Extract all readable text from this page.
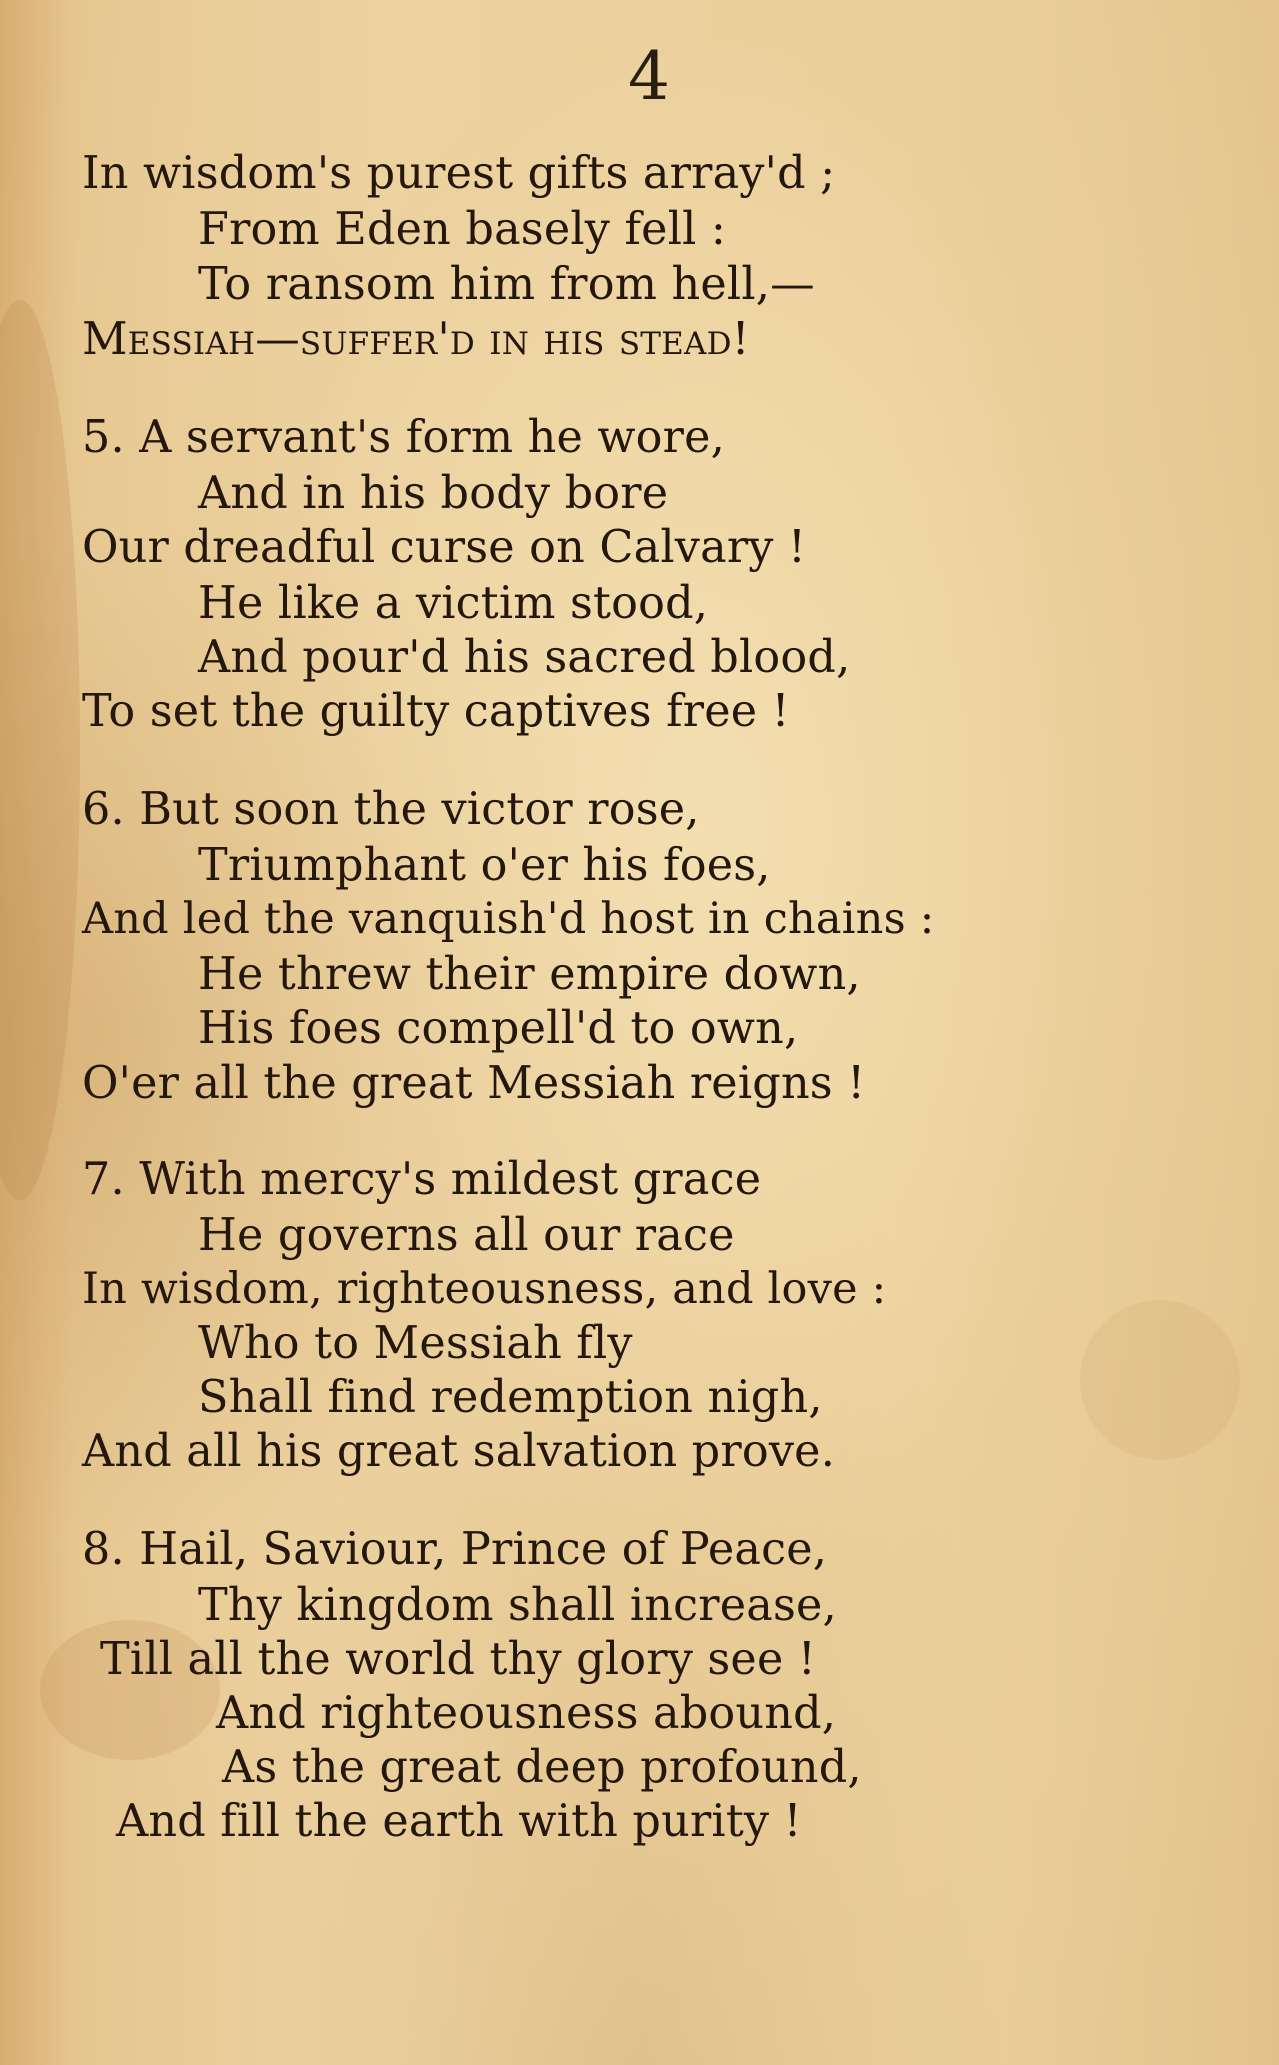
4
In wisdom's purest gifts array'd ;
From Eden basely fell :
To ransom him from hell,—
Messiah—suffer'd in his stead!
5. A servant's form he wore,
And in his body bore
Our dreadful curse on Calvary !
He like a victim stood,
And pour'd his sacred blood,
To set the guilty captives free !
6. But soon the victor rose,
Triumphant o'er his foes,
And led the vanquish'd host in chains :
He threw their empire down,
His foes compell'd to own,
O'er all the great Messiah reigns !
7. With mercy's mildest grace
He governs all our race
In wisdom, righteousness, and love :
Who to Messiah fly
Shall find redemption nigh,
And all his great salvation prove.
8. Hail, Saviour, Prince of Peace,
Thy kingdom shall increase,
Till all the world thy glory see !
And righteousness abound,
As the great deep profound,
And fill the earth with purity !
